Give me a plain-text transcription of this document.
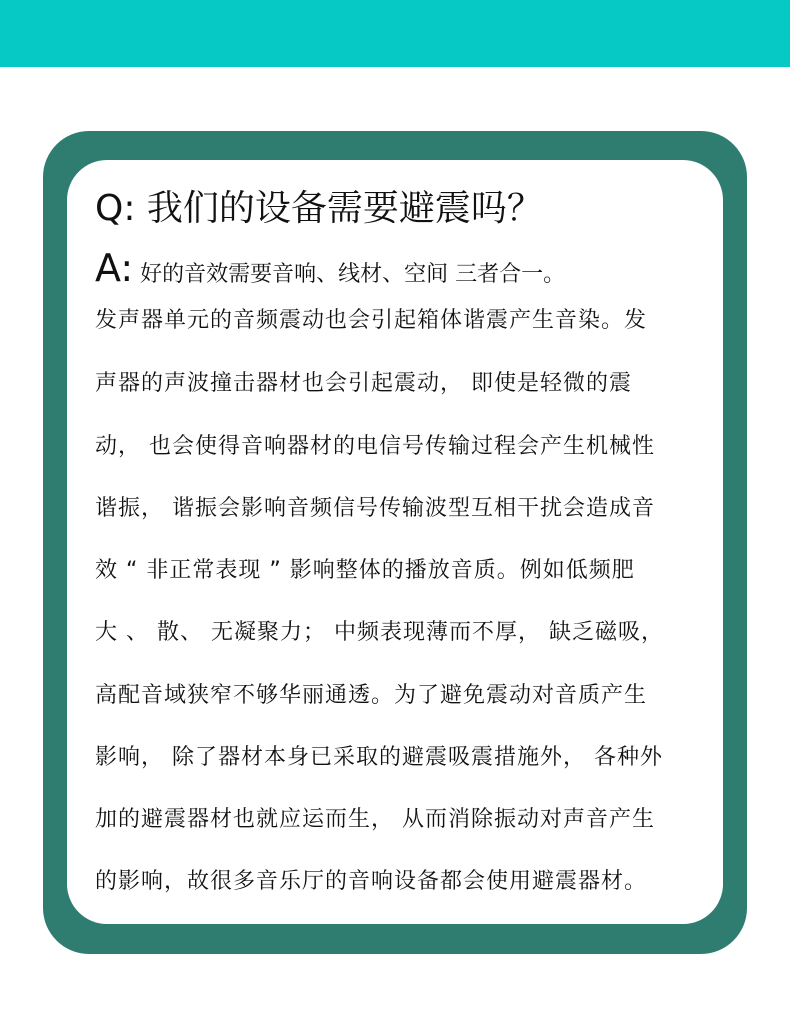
Q: 我们的设备需要避震吗？
A: 好的音效需要音响、线材、空间 三者合一。
发声器单元的音频震动也会引起箱体谐震产生音染。发
声器的声波撞击器材也会引起震动， 即使是轻微的震
动， 也会使得音响器材的电信号传输过程会产生机械性
谐振， 谐振会影响音频信号传输波型互相干扰会造成音
效 “ 非正常表现 ” 影响整体的播放音质。例如低频肥
大 、 散、 无凝聚力； 中频表现薄而不厚， 缺乏磁吸，
高配音域狭窄不够华丽通透。为了避免震动对音质产生
影响， 除了器材本身已采取的避震吸震措施外， 各种外
加的避震器材也就应运而生， 从而消除振动对声音产生
的影响，故很多音乐厅的音响设备都会使用避震器材。
